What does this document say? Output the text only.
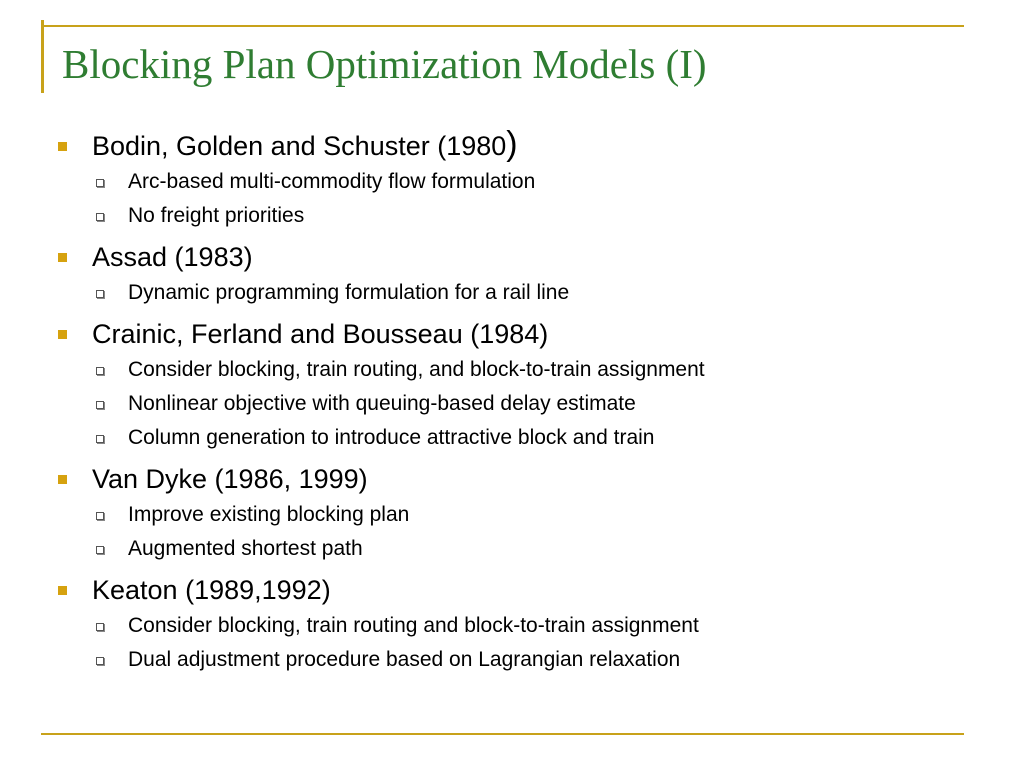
Blocking Plan Optimization Models (I)
Bodin, Golden and Schuster (1980)
Arc-based multi-commodity flow formulation
No freight priorities
Assad (1983)
Dynamic programming formulation for a rail line
Crainic, Ferland and Bousseau (1984)
Consider blocking, train routing, and block-to-train assignment
Nonlinear objective with queuing-based delay estimate
Column generation to introduce attractive block and train
Van Dyke (1986, 1999)
Improve existing blocking plan
Augmented shortest path
Keaton (1989,1992)
Consider blocking, train routing and block-to-train assignment
Dual adjustment procedure based on Lagrangian relaxation
